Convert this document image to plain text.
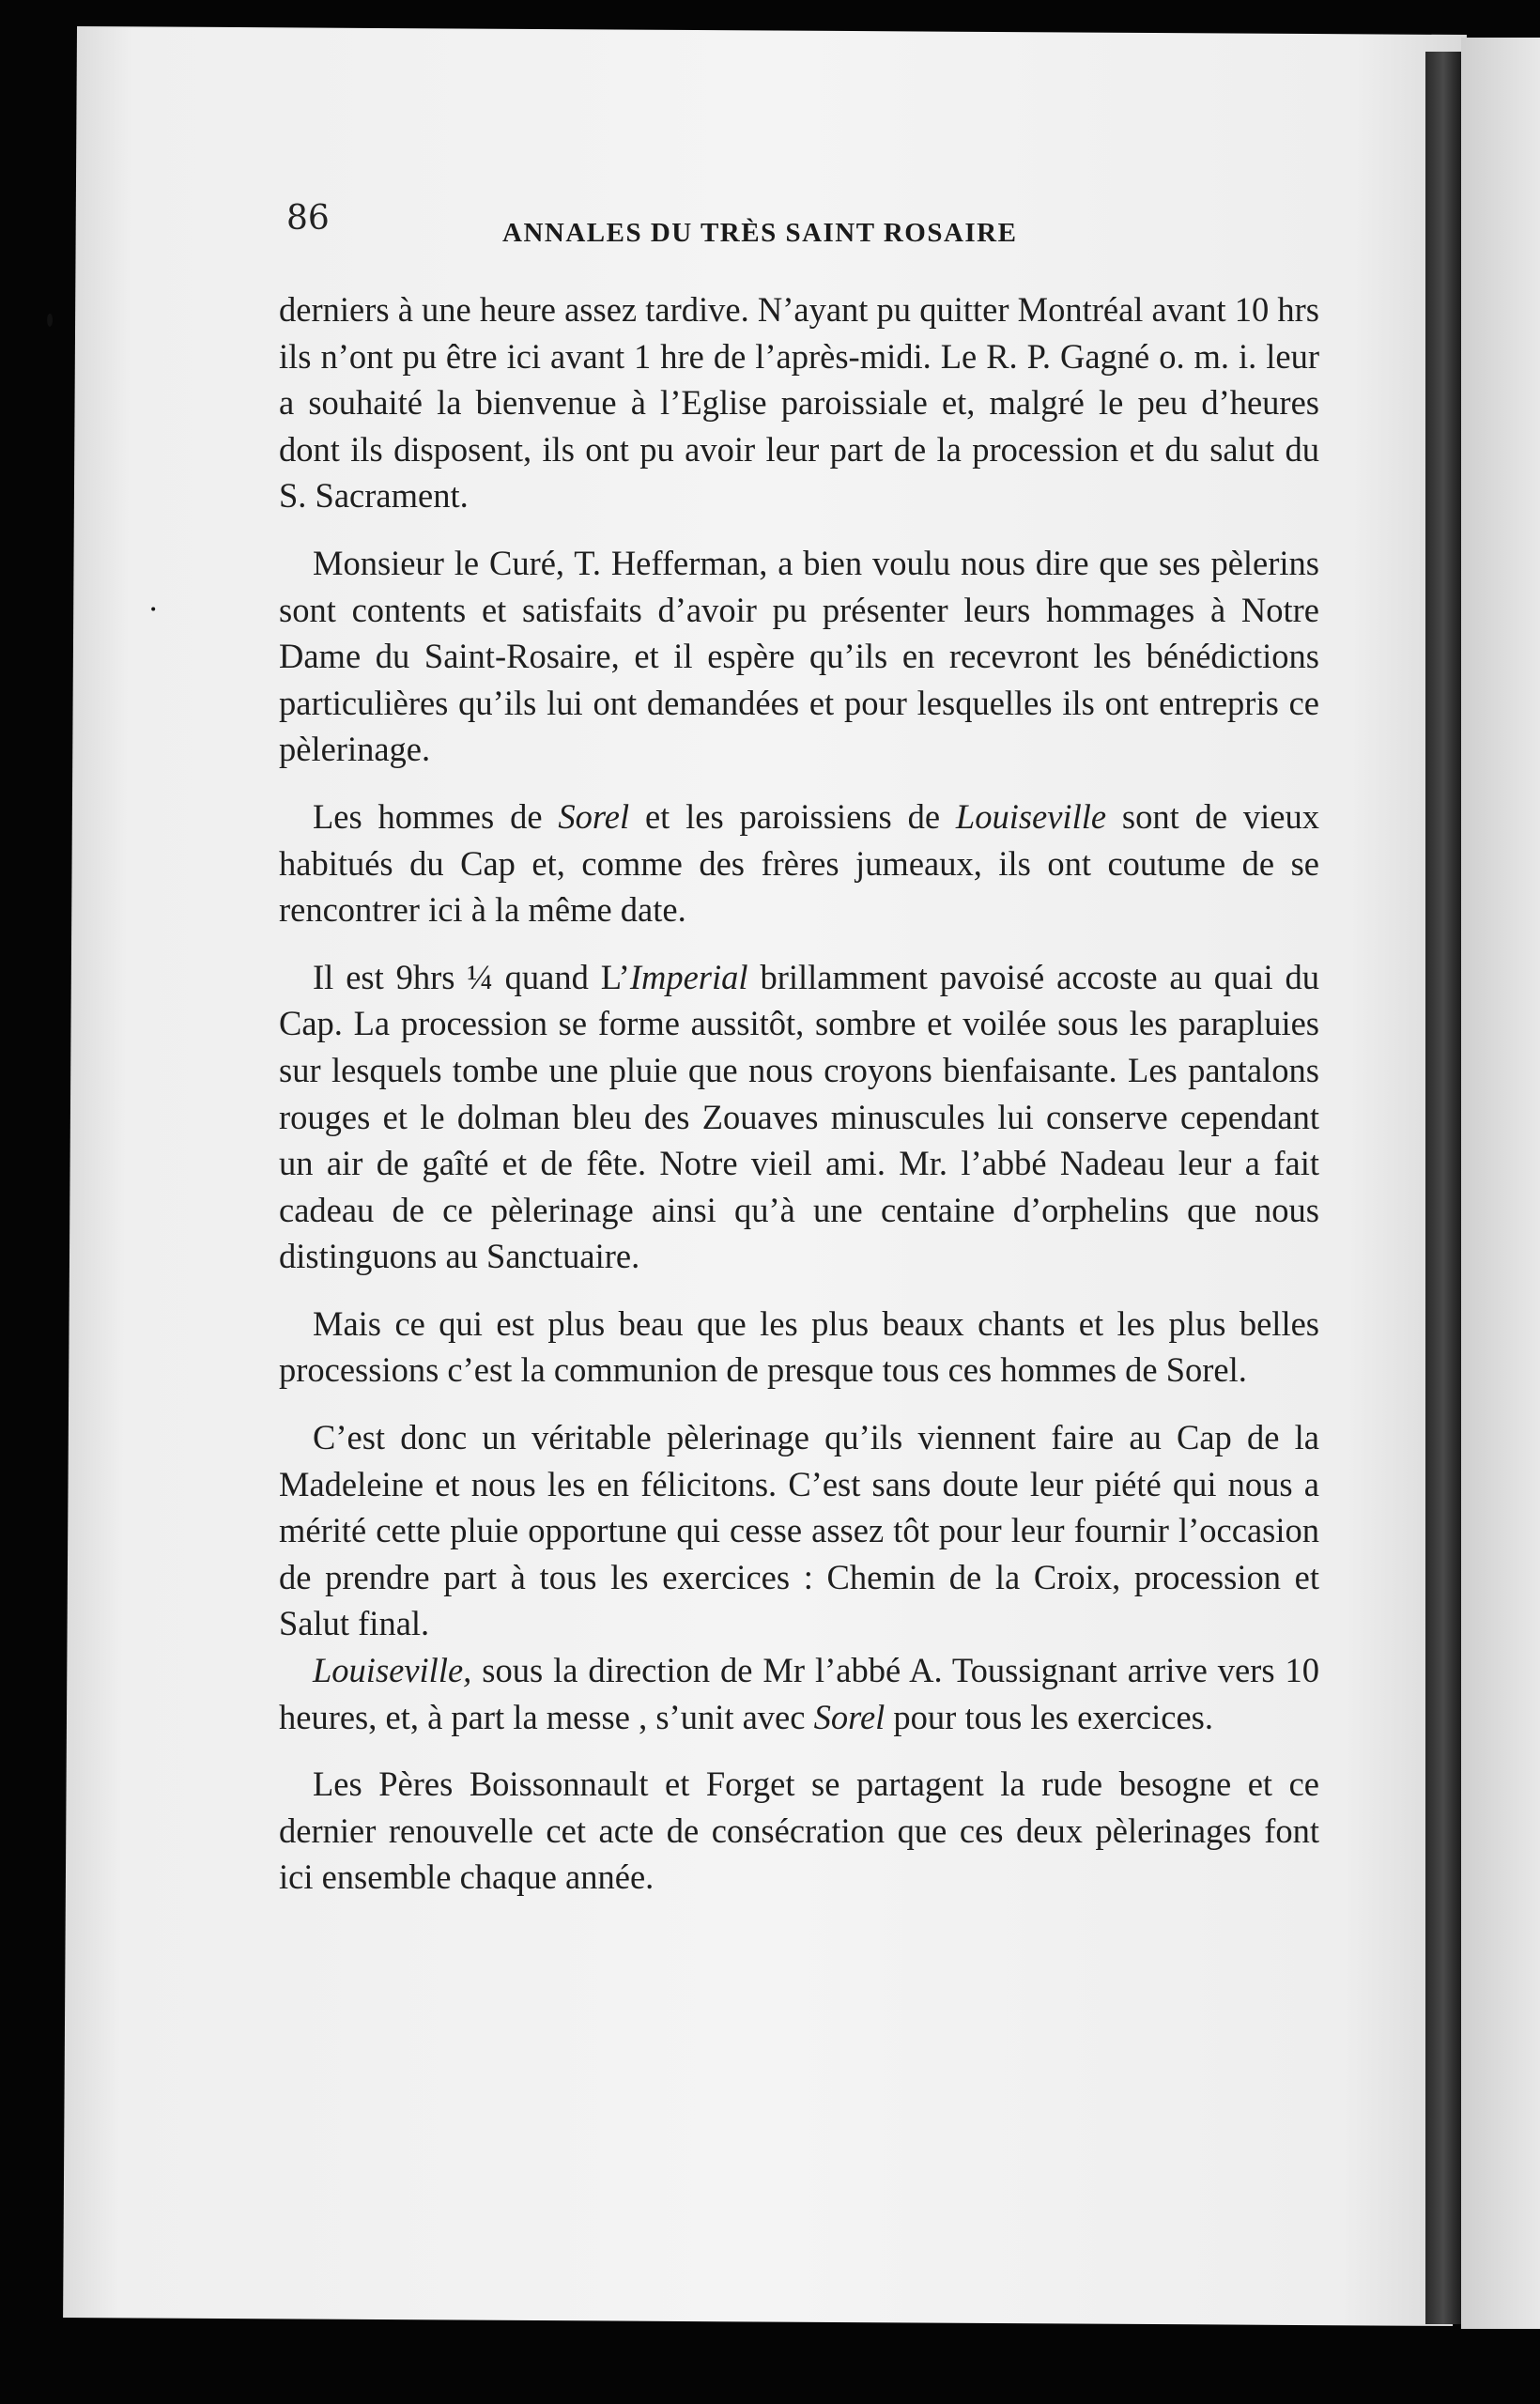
86	ANNALES DU TRÈS SAINT ROSAIRE

derniers à une heure assez tardive. N’ayant pu quitter Montréal avant 10 hrs ils n’ont pu être ici avant 1 hre de l’après-midi. Le R. P. Gagné o. m. i. leur a souhaité la bienvenue à l’Eglise paroissiale et, malgré le peu d’heures dont ils disposent, ils ont pu avoir leur part de la procession et du salut du S. Sacrament.

Monsieur le Curé, T. Hefferman, a bien voulu nous dire que ses pèlerins sont contents et satisfaits d’avoir pu présenter leurs hommages à Notre Dame du Saint-Rosaire, et il espère qu’ils en recevront les bénédictions particulières qu’ils lui ont demandées et pour lesquelles ils ont entrepris ce pèlerinage.

Les hommes de Sorel et les paroissiens de Louiseville sont de vieux habitués du Cap et, comme des frères jumeaux, ils ont coutume de se rencontrer ici à la même date.

Il est 9hrs ¼ quand L’Imperial brillamment pavoisé accoste au quai du Cap. La procession se forme aussitôt, sombre et voilée sous les parapluies sur lesquels tombe une pluie que nous croyons bienfaisante. Les pantalons rouges et le dolman bleu des Zouaves minuscules lui conserve cependant un air de gaîté et de fête. Notre vieil ami. Mr. l’abbé Nadeau leur a fait cadeau de ce pèlerinage ainsi qu’à une centaine d’orphelins que nous distinguons au Sanctuaire.

Mais ce qui est plus beau que les plus beaux chants et les plus belles processions c’est la communion de presque tous ces hommes de Sorel.

C’est donc un véritable pèlerinage qu’ils viennent faire au Cap de la Madeleine et nous les en félicitons. C’est sans doute leur piété qui nous a mérité cette pluie opportune qui cesse assez tôt pour leur fournir l’occasion de prendre part à tous les exercices : Chemin de la Croix, procession et Salut final.

Louiseville, sous la direction de Mr l’abbé A. Toussignant arrive vers 10 heures, et, à part la messe , s’unit avec Sorel pour tous les exercices.

Les Pères Boissonnault et Forget se partagent la rude besogne et ce dernier renouvelle cet acte de consécration que ces deux pèlerinages font ici ensemble chaque année.
